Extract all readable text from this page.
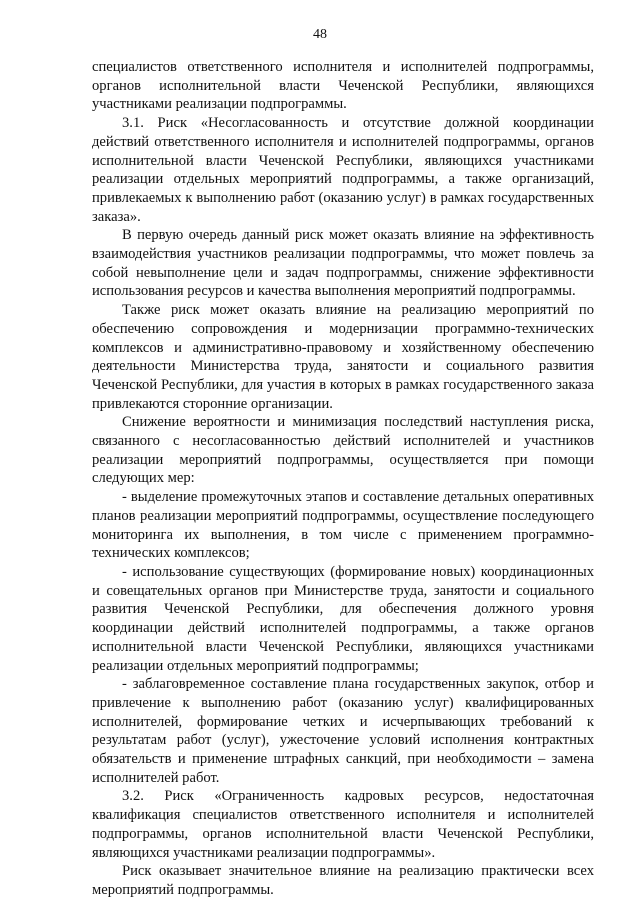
48

специалистов ответственного исполнителя и исполнителей подпрограммы, органов исполнительной власти Чеченской Республики, являющихся участниками реализации подпрограммы.

3.1. Риск «Несогласованность и отсутствие должной координации действий ответственного исполнителя и исполнителей подпрограммы, органов исполнительной власти Чеченской Республики, являющихся участниками реализации отдельных мероприятий подпрограммы, а также организаций, привлекаемых к выполнению работ (оказанию услуг) в рамках государственных заказа».

В первую очередь данный риск может оказать влияние на эффективность взаимодействия участников реализации подпрограммы, что может повлечь за собой невыполнение цели и задач подпрограммы, снижение эффективности использования ресурсов и качества выполнения мероприятий подпрограммы.

Также риск может оказать влияние на реализацию мероприятий по обеспечению сопровождения и модернизации программно-технических комплексов и административно-правовому и хозяйственному обеспечению деятельности Министерства труда, занятости и социального развития Чеченской Республики, для участия в которых в рамках государственного заказа привлекаются сторонние организации.

Снижение вероятности и минимизация последствий наступления риска, связанного с несогласованностью действий исполнителей и участников реализации мероприятий подпрограммы, осуществляется при помощи следующих мер:

- выделение промежуточных этапов и составление детальных оперативных планов реализации мероприятий подпрограммы, осуществление последующего мониторинга их выполнения, в том числе с применением программно-технических комплексов;

- использование существующих (формирование новых) координационных и совещательных органов при Министерстве труда, занятости и социального развития Чеченской Республики, для обеспечения должного уровня координации действий исполнителей подпрограммы, а также органов исполнительной власти Чеченской Республики, являющихся участниками реализации отдельных мероприятий подпрограммы;

- заблаговременное составление плана государственных закупок, отбор и привлечение к выполнению работ (оказанию услуг) квалифицированных исполнителей, формирование четких и исчерпывающих требований к результатам работ (услуг), ужесточение условий исполнения контрактных обязательств и применение штрафных санкций, при необходимости – замена исполнителей работ.

3.2. Риск «Ограниченность кадровых ресурсов, недостаточная квалификация специалистов ответственного исполнителя и исполнителей подпрограммы, органов исполнительной власти Чеченской Республики, являющихся участниками реализации подпрограммы».

Риск оказывает значительное влияние на реализацию практически всех мероприятий подпрограммы.
